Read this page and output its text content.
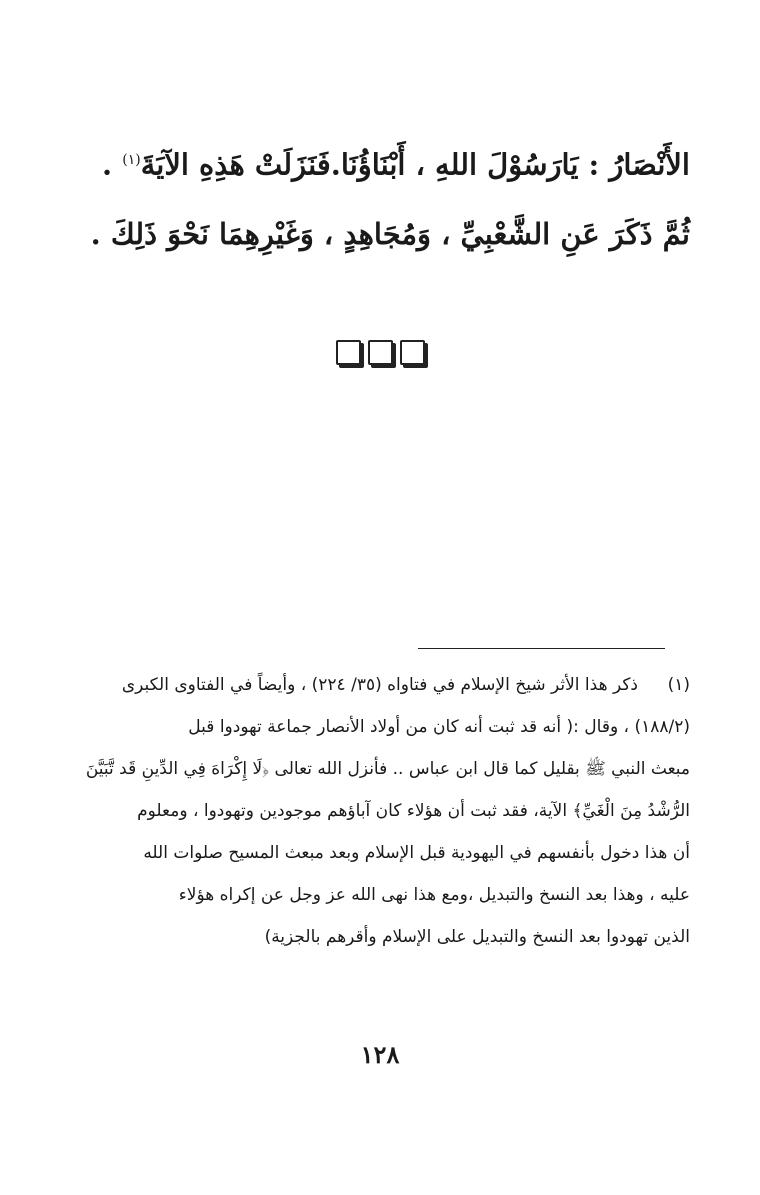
الأَنْصَارُ : يَارَسُوْلَ اللهِ ، أَبْنَاؤُنَا.فَنَزَلَتْ هَذِهِ الآيَةَ$^{(١)}$ .
ثُمَّ ذَكَرَ عَنِ الشَّعْبِيِّ ، وَمُجَاهِدٍ ، وَغَيْرِهِمَا نَحْوَ ذَلِكَ .
(١)
ذكر هذا الأثر شيخ الإسلام في فتاواه (٣٥/ ٢٢٤) ، وأيضاً في الفتاوى الكبرى
(١٨٨/٢) ، وقال :( أنه قد ثبت أنه كان من أولاد الأنصار جماعة تهودوا قبل
مبعث النبي ﷺ بقليل كما قال ابن عباس .. فأنزل الله تعالى ﴿لَا إِكْرَاهَ فِي الدِّينِ قَد تَّبَيَّنَ
الرُّشْدُ مِنَ الْغَيِّ﴾ الآية، فقد ثبت أن هؤلاء كان آباؤهم موجودين وتهودوا ، ومعلوم
أن هذا دخول بأنفسهم في اليهودية قبل الإسلام وبعد مبعث المسيح صلوات الله
عليه ، وهذا بعد النسخ والتبديل ،ومع هذا نهى الله عز وجل عن إكراه هؤلاء
الذين تهودوا بعد النسخ والتبديل على الإسلام وأقرهم بالجزية)
١٢٨
